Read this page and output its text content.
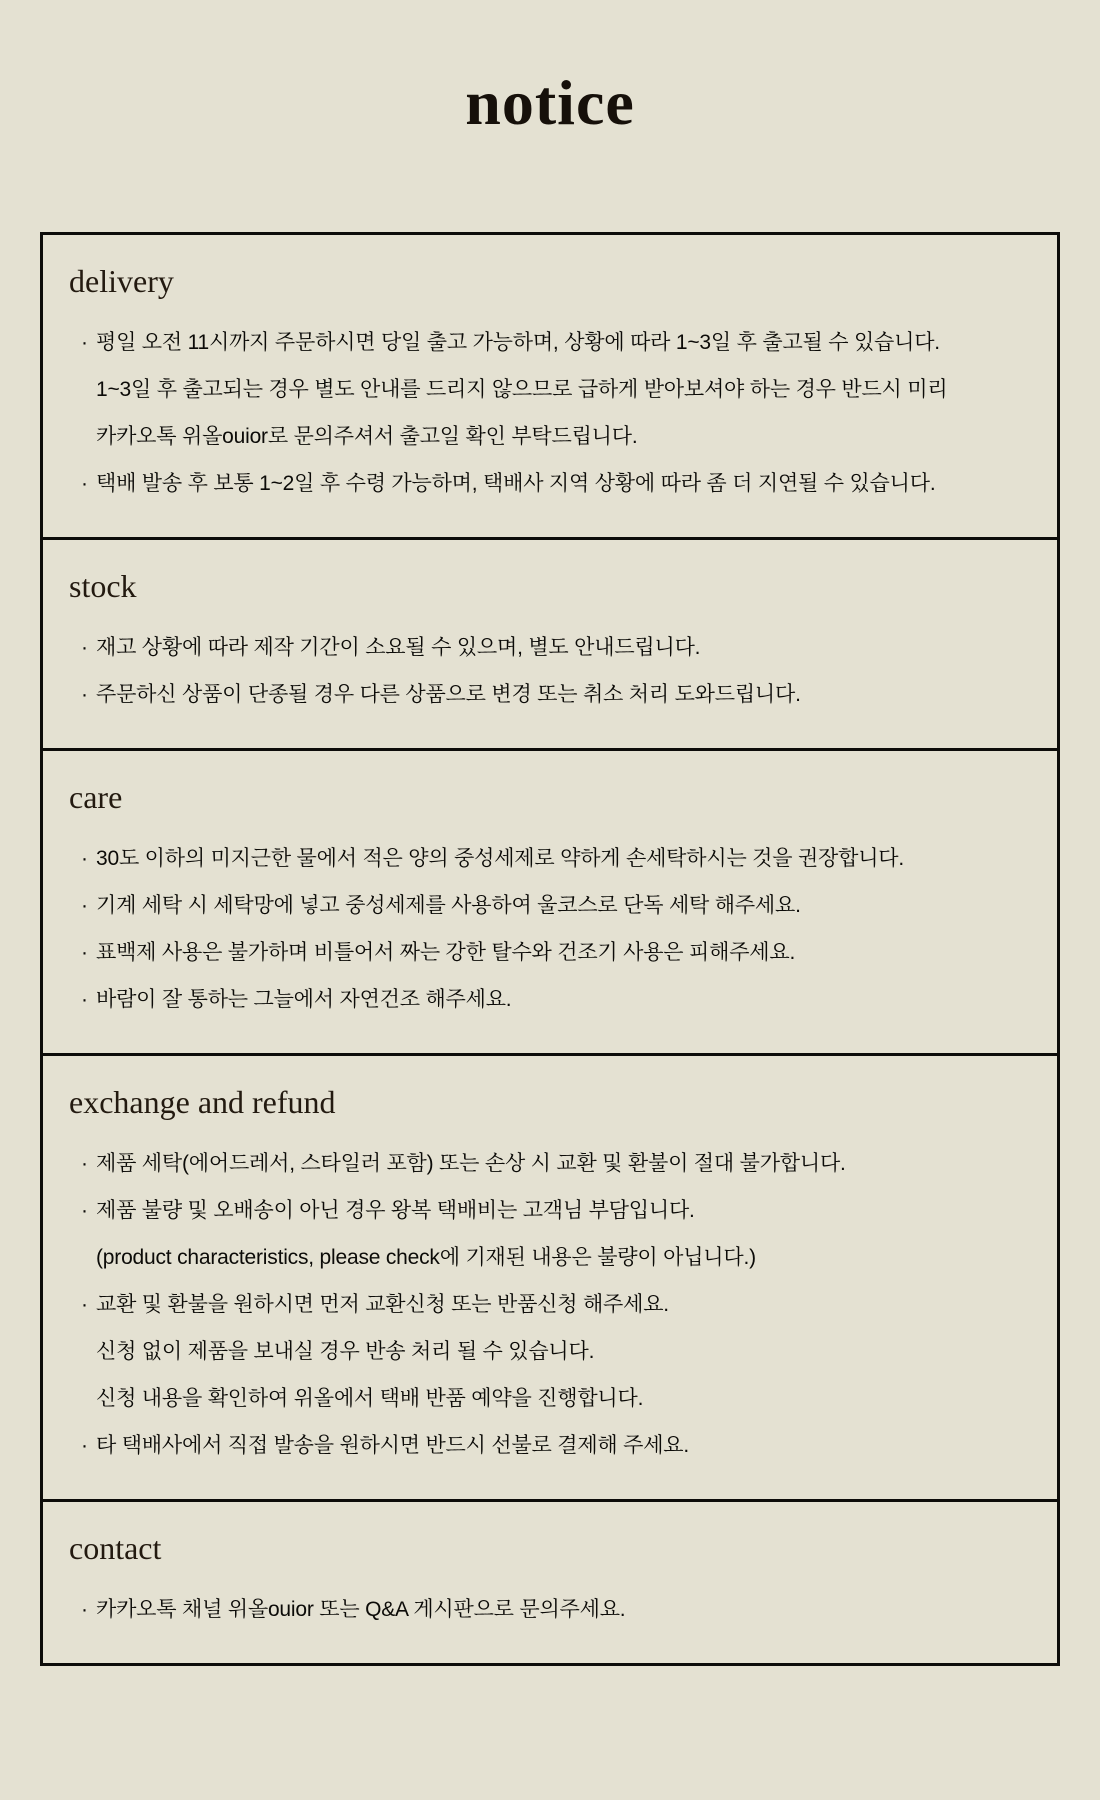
notice
delivery
· 평일 오전 11시까지 주문하시면 당일 출고 가능하며, 상황에 따라 1~3일 후 출고될 수 있습니다.
1~3일 후 출고되는 경우 별도 안내를 드리지 않으므로 급하게 받아보셔야 하는 경우 반드시 미리
카카오톡 위올ouior로 문의주셔서 출고일 확인 부탁드립니다.
· 택배 발송 후 보통 1~2일 후 수령 가능하며, 택배사 지역 상황에 따라 좀 더 지연될 수 있습니다.
stock
· 재고 상황에 따라 제작 기간이 소요될 수 있으며, 별도 안내드립니다.
· 주문하신 상품이 단종될 경우 다른 상품으로 변경 또는 취소 처리 도와드립니다.
care
· 30도 이하의 미지근한 물에서 적은 양의 중성세제로 약하게 손세탁하시는 것을 권장합니다.
· 기계 세탁 시 세탁망에 넣고 중성세제를 사용하여 울코스로 단독 세탁 해주세요.
· 표백제 사용은 불가하며 비틀어서 짜는 강한 탈수와 건조기 사용은 피해주세요.
· 바람이 잘 통하는 그늘에서 자연건조 해주세요.
exchange and refund
· 제품 세탁(에어드레서, 스타일러 포함) 또는 손상 시 교환 및 환불이 절대 불가합니다.
· 제품 불량 및 오배송이 아닌 경우 왕복 택배비는 고객님 부담입니다.
(product characteristics, please check에 기재된 내용은 불량이 아닙니다.)
· 교환 및 환불을 원하시면 먼저 교환신청 또는 반품신청 해주세요.
신청 없이 제품을 보내실 경우 반송 처리 될 수 있습니다.
신청 내용을 확인하여 위올에서 택배 반품 예약을 진행합니다.
· 타 택배사에서 직접 발송을 원하시면 반드시 선불로 결제해 주세요.
contact
· 카카오톡 채널 위올ouior 또는 Q&A 게시판으로 문의주세요.
